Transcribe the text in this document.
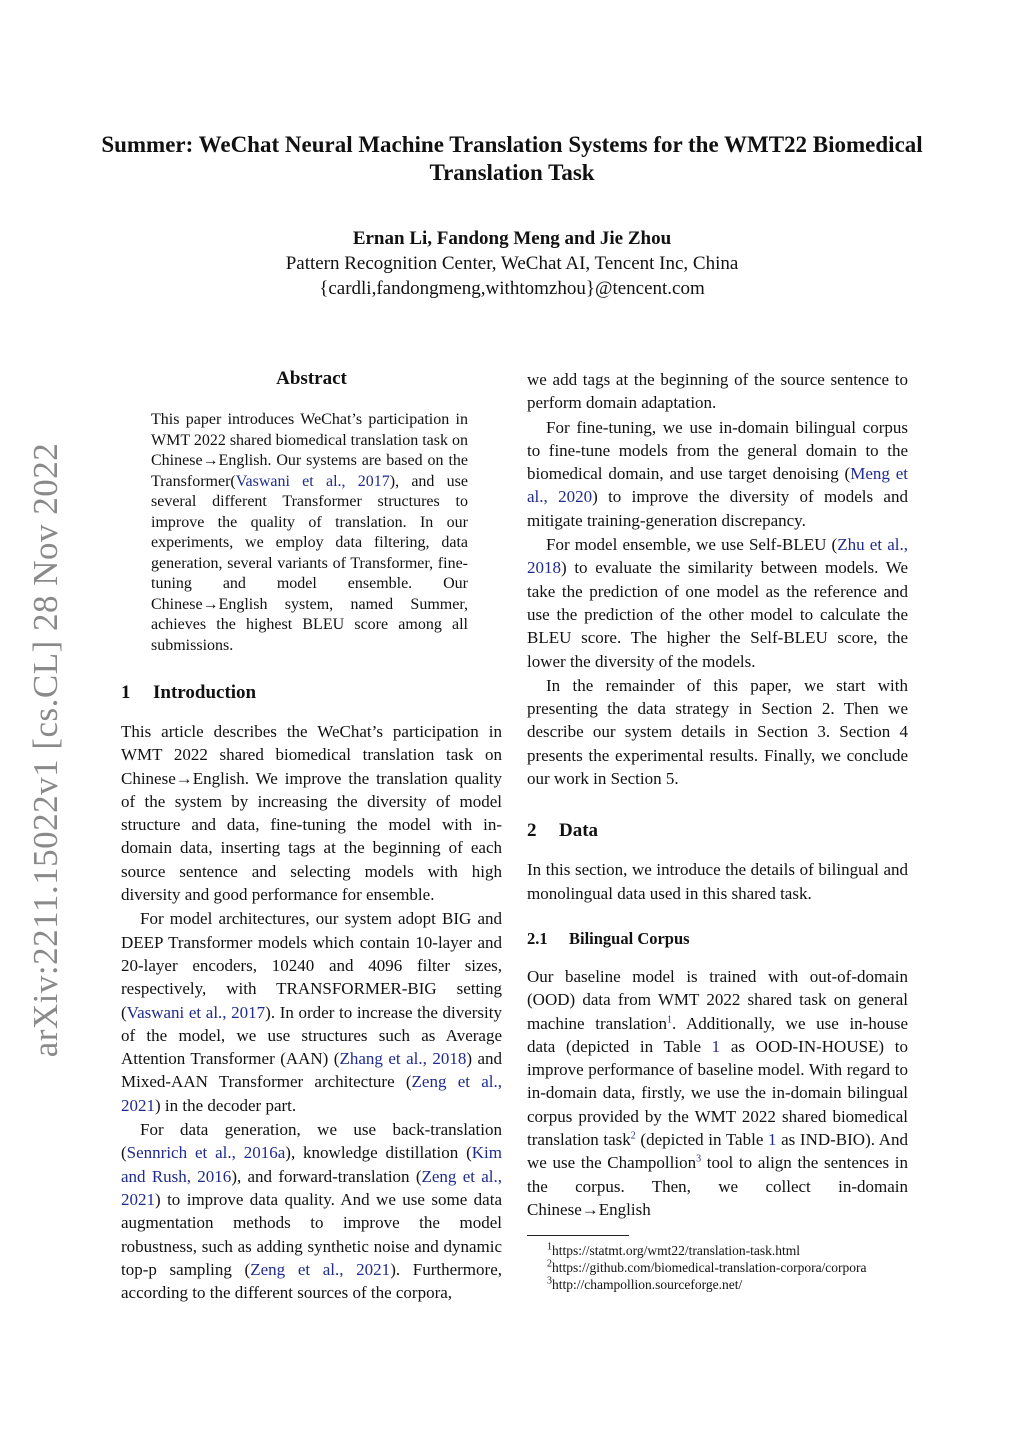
Summer: WeChat Neural Machine Translation Systems for the WMT22 Biomedical Translation Task
Ernan Li, Fandong Meng and Jie Zhou
Pattern Recognition Center, WeChat AI, Tencent Inc, China
{cardli,fandongmeng,withtomzhou}@tencent.com
arXiv:2211.15022v1 [cs.CL] 28 Nov 2022
Abstract

This paper introduces WeChat’s participation in WMT 2022 shared biomedical translation task on Chinese→English. Our systems are based on the Transformer(Vaswani et al., 2017), and use several different Transformer structures to improve the quality of translation. In our experiments, we employ data filtering, data generation, several variants of Transformer, fine-tuning and model ensemble. Our Chinese→English system, named Summer, achieves the highest BLEU score among all submissions.

1 Introduction

This article describes the WeChat’s participation in WMT 2022 shared biomedical translation task on Chinese→English. We improve the translation quality of the system by increasing the diversity of model structure and data, fine-tuning the model with in-domain data, inserting tags at the beginning of each source sentence and selecting models with high diversity and good performance for ensemble.

For model architectures, our system adopt BIG and DEEP Transformer models which contain 10-layer and 20-layer encoders, 10240 and 4096 filter sizes, respectively, with TRANSFORMER-BIG setting (Vaswani et al., 2017). In order to increase the diversity of the model, we use structures such as Average Attention Transformer (AAN) (Zhang et al., 2018) and Mixed-AAN Transformer architecture (Zeng et al., 2021) in the decoder part.

For data generation, we use back-translation (Sennrich et al., 2016a), knowledge distillation (Kim and Rush, 2016), and forward-translation (Zeng et al., 2021) to improve data quality. And we use some data augmentation methods to improve the model robustness, such as adding synthetic noise and dynamic top-p sampling (Zeng et al., 2021). Furthermore, according to the different sources of the corpora,

we add tags at the beginning of the source sentence to perform domain adaptation.

For fine-tuning, we use in-domain bilingual corpus to fine-tune models from the general domain to the biomedical domain, and use target denoising (Meng et al., 2020) to improve the diversity of models and mitigate training-generation discrepancy.

For model ensemble, we use Self-BLEU (Zhu et al., 2018) to evaluate the similarity between models. We take the prediction of one model as the reference and use the prediction of the other model to calculate the BLEU score. The higher the Self-BLEU score, the lower the diversity of the models.

In the remainder of this paper, we start with presenting the data strategy in Section 2. Then we describe our system details in Section 3. Section 4 presents the experimental results. Finally, we conclude our work in Section 5.

2 Data

In this section, we introduce the details of bilingual and monolingual data used in this shared task.

2.1 Bilingual Corpus

Our baseline model is trained with out-of-domain (OOD) data from WMT 2022 shared task on general machine translation$^1$. Additionally, we use in-house data (depicted in Table 1 as OOD-IN-HOUSE) to improve performance of baseline model. With regard to in-domain data, firstly, we use the in-domain bilingual corpus provided by the WMT 2022 shared biomedical translation task$^2$ (depicted in Table 1 as IND-BIO). And we use the Champollion$^3$ tool to align the sentences in the corpus. Then, we collect in-domain Chinese→English

$^1$https://statmt.org/wmt22/translation-task.html

$^2$https://github.com/biomedical-translation-corpora/corpora

$^3$http://champollion.sourceforge.net/
